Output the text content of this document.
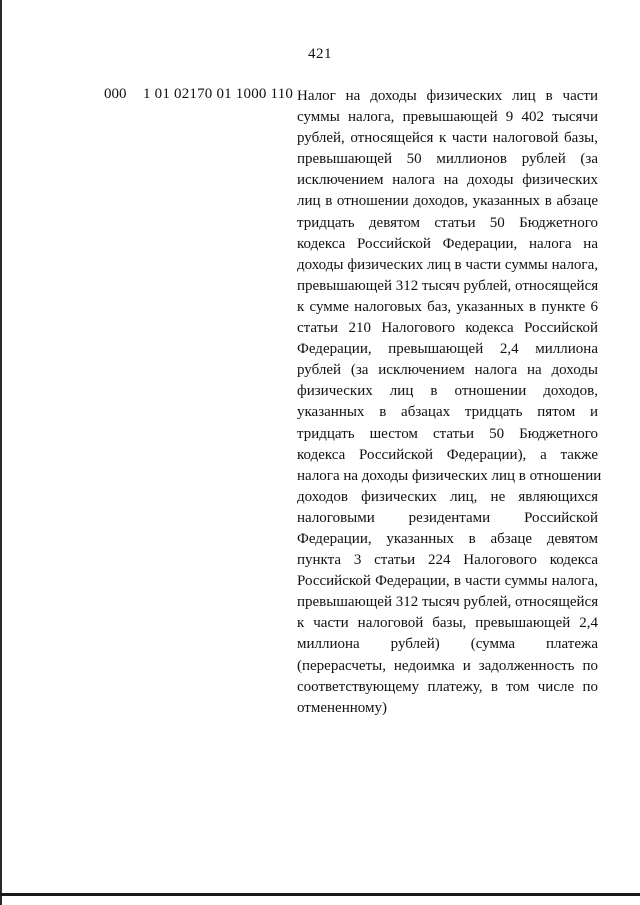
421
000 1 01 02170 01 1000 110 Налог на доходы физических лиц в части
суммы налога, превышающей 9 402 тысячи
рублей, относящейся к части налоговой базы,
превышающей 50 миллионов рублей (за
исключением налога на доходы физических
лиц в отношении доходов, указанных в абзаце
тридцать девятом статьи 50 Бюджетного
кодекса Российской Федерации, налога на
доходы физических лиц в части суммы налога,
превышающей 312 тысяч рублей, относящейся
к сумме налоговых баз, указанных в пункте 6
статьи 210 Налогового кодекса Российской
Федерации, превышающей 2,4 миллиона
рублей (за исключением налога на доходы
физических лиц в отношении доходов,
указанных в абзацах тридцать пятом и
тридцать шестом статьи 50 Бюджетного
кодекса Российской Федерации), а также
налога на доходы физических лиц в отношении
доходов физических лиц, не являющихся
налоговыми резидентами Российской
Федерации, указанных в абзаце девятом
пункта 3 статьи 224 Налогового кодекса
Российской Федерации, в части суммы налога,
превышающей 312 тысяч рублей, относящейся
к части налоговой базы, превышающей 2,4
миллиона рублей) (сумма платежа
(перерасчеты, недоимка и задолженность по
соответствующему платежу, в том числе по
отмененному)
